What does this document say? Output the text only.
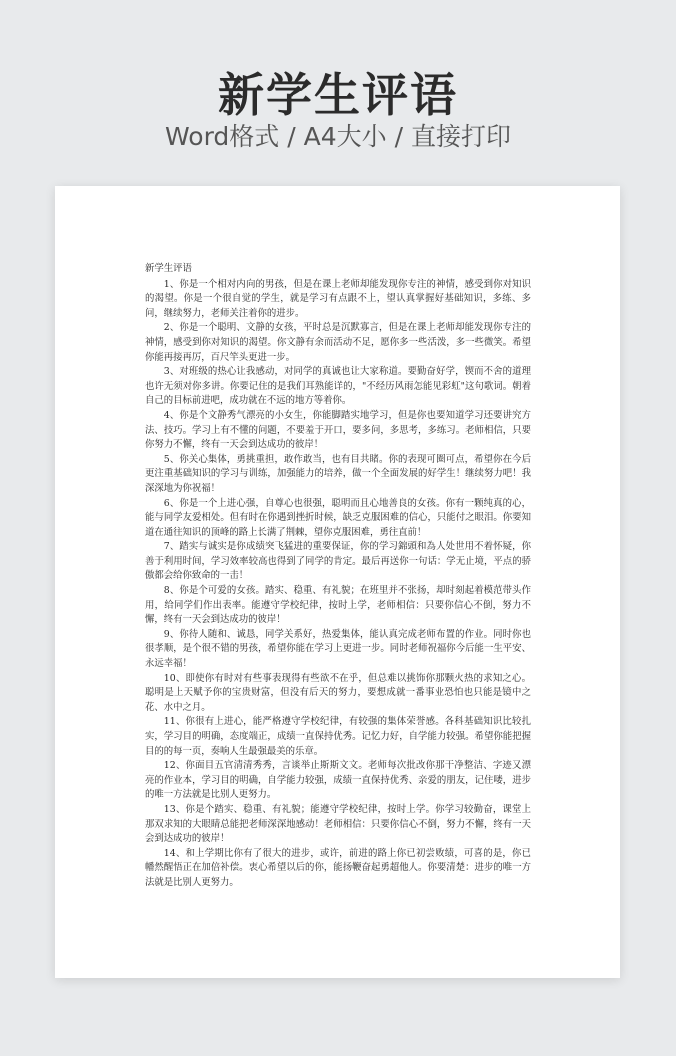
新学生评语
Word格式 / A4大小 / 直接打印
新学生评语

1、你是一个相对内向的男孩，但是在课上老师却能发现你专注的神情，感受到你对知识的渴望。你是一个很自觉的学生，就是学习有点跟不上，望认真掌握好基础知识，多练、多问，继续努力，老师关注着你的进步。

2、你是一个聪明、文静的女孩，平时总是沉默寡言，但是在课上老师却能发现你专注的神情，感受到你对知识的渴望。你文静有余而活动不足，愿你多一些活泼，多一些微笑。希望你能再接再厉，百尺竿头更进一步。

3、对班级的热心让我感动，对同学的真诚也让大家称道。要勤奋好学，锲而不舍的道理也许无须对你多讲。你要记住的是我们耳熟能详的，"不经历风雨怎能见彩虹"这句歌词。朝着自己的目标前进吧，成功就在不远的地方等着你。

4、你是个文静秀气漂亮的小女生，你能脚踏实地学习，但是你也要知道学习还要讲究方法、技巧。学习上有不懂的问题，不要羞于开口，要多问，多思考，多练习。老师相信，只要你努力不懈，终有一天会到达成功的彼岸！

5、你关心集体，勇挑重担，敢作敢当，也有目共睹。你的表现可圈可点，希望你在今后更注重基础知识的学习与训练，加强能力的培养，做一个全面发展的好学生！继续努力吧！我深深地为你祝福！

6、你是一个上进心强，自尊心也很强，聪明而且心地善良的女孩。你有一颗纯真的心，能与同学友爱相处。但有时在你遇到挫折时候，缺乏克服困难的信心，只能付之眼泪。你要知道在通往知识的顶峰的路上长满了荆棘，望你克服困难，勇往直前！

7、踏实与诚实是你成绩突飞猛进的重要保证，你的学习錦頭和為人处世用不着怀疑，你善于利用时间，学习效率较高也得到了同学的肯定。最后再送你一句话：学无止境，平点的骄傲都会给你致命的一击！

8、你是个可爱的女孩。踏实、稳重、有礼貌；在班里并不张扬，却时刻起着模范带头作用，给同学们作出表率。能遵守学校纪律，按时上学，老师相信：只要你信心不倒，努力不懈，终有一天会到达成功的彼岸！

9、你待人随和、诚恳，同学关系好，热爱集体，能认真完成老师布置的作业。同时你也很孝顺，是个很不错的男孩，希望你能在学习上更进一步。同时老师祝福你今后能一生平安、永远幸福！

10、即使你有时对有些事表现得有些欲不在乎，但总难以挑饰你那颗火热的求知之心。聪明是上天赋予你的宝贵财富，但没有后天的努力，要想成就一番事业恐怕也只能是镜中之花、水中之月。

11、你很有上进心，能严格遵守学校纪律，有较强的集体荣誉感。各科基础知识比较扎实，学习目的明确，态度端正，成绩一直保持优秀。记忆力好，自学能力较强。希望你能把握目的的每一页，奏响人生最强最美的乐章。

12、你面目五官清清秀秀，言谈举止斯斯文文。老师每次批改你那干净整洁、字迹又漂亮的作业本，学习目的明确，自学能力较强，成绩一直保持优秀、亲爱的朋友，记住喽，进步的唯一方法就是比别人更努力。

13、你是个踏实、稳重、有礼貌；能遵守学校纪律，按时上学。你学习较勤奋，课堂上那双求知的大眼睛总能把老师深深地感动！老师相信：只要你信心不倒，努力不懈，终有一天会到达成功的彼岸！

14、和上学期比你有了很大的进步，或许，前进的路上你已初尝败绩，可喜的是，你已幡然醒悟正在加倍补偿。衷心希望以后的你，能扬鞭奋起勇超他人。你要清楚：进步的唯一方法就是比别人更努力。
